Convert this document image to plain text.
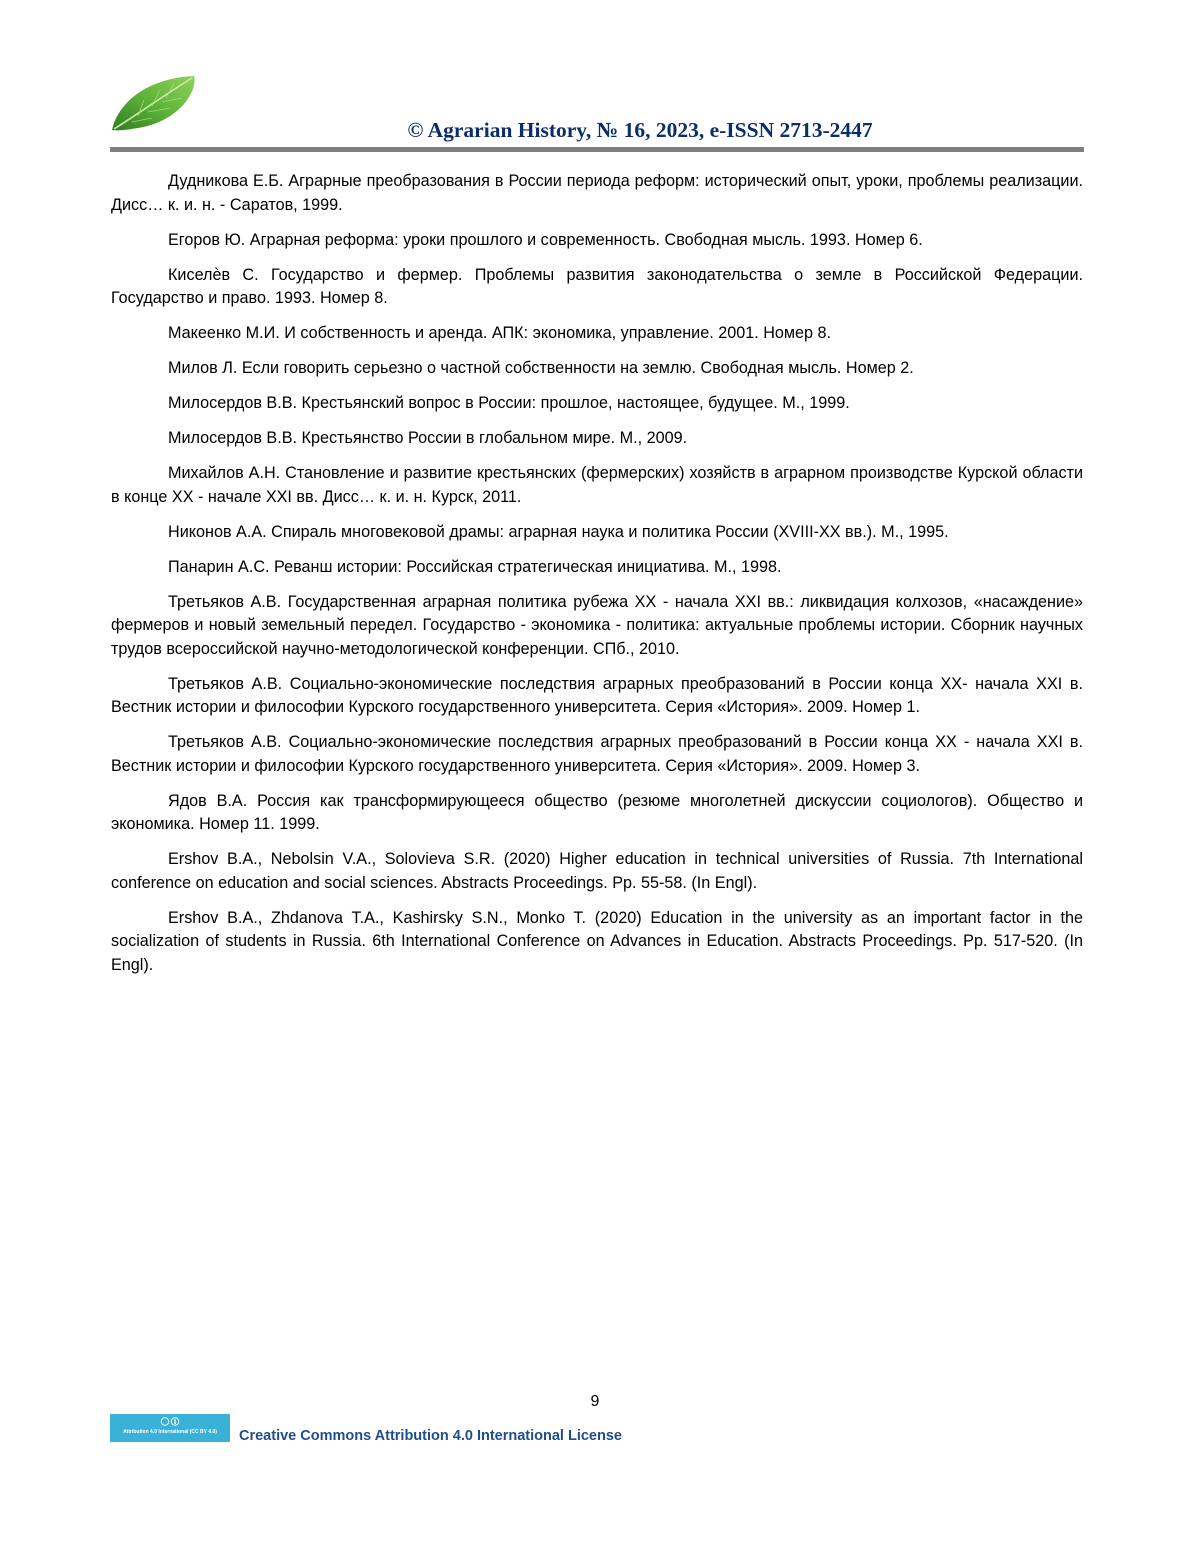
© Agrarian History, № 16, 2023, e-ISSN 2713-2447

Дудникова Е.Б. Аграрные преобразования в России периода реформ: исторический опыт, уроки, проблемы реализации. Дисс… к. и. н. - Саратов, 1999.

Егоров Ю. Аграрная реформа: уроки прошлого и современность. Свободная мысль. 1993. Номер 6.

Киселѐв С. Государство и фермер. Проблемы развития законодательства о земле в Российской Федерации. Государство и право. 1993. Номер 8.

Макеенко М.И. И собственность и аренда. АПК: экономика, управление. 2001. Номер 8.

Милов Л. Если говорить серьезно о частной собственности на землю. Свободная мысль. Номер 2.

Милосердов В.В. Крестьянский вопрос в России: прошлое, настоящее, будущее. М., 1999.

Милосердов В.В. Крестьянство России в глобальном мире. М., 2009.

Михайлов А.Н. Становление и развитие крестьянских (фермерских) хозяйств в аграрном производстве Курской области в конце XX - начале XXI вв. Дисс… к. и. н. Курск, 2011.

Никонов А.А. Спираль многовековой драмы: аграрная наука и политика России (XVIII-XX вв.). М., 1995.

Панарин А.С. Реванш истории: Российская стратегическая инициатива. М., 1998.

Третьяков А.В. Государственная аграрная политика рубежа XX - начала XXI вв.: ликвидация колхозов, «насаждение» фермеров и новый земельный передел. Государство - экономика - политика: актуальные проблемы истории. Сборник научных трудов всероссийской научно-методологической конференции. СПб., 2010.

Третьяков А.В. Социально-экономические последствия аграрных преобразований в России конца XX- начала XXI в. Вестник истории и философии Курского государственного университета. Серия «История». 2009. Номер 1.

Третьяков А.В. Социально-экономические последствия аграрных преобразований в России конца XX - начала XXI в. Вестник истории и философии Курского государственного университета. Серия «История». 2009. Номер 3.

Ядов В.А. Россия как трансформирующееся общество (резюме многолетней дискуссии социологов). Общество и экономика. Номер 11. 1999.

Ershov B.A., Nebolsin V.A., Solovieva S.R. (2020) Higher education in technical universities of Russia. 7th International conference on education and social sciences. Abstracts Proceedings. Pp. 55-58. (In Engl).

Ershov B.A., Zhdanova T.A., Kashirsky S.N., Monko T. (2020) Education in the university as an important factor in the socialization of students in Russia. 6th International Conference on Advances in Education. Abstracts Proceedings. Pp. 517-520. (In Engl).

9
Attribution 4.0 International (CC BY 4.0)	Creative Commons Attribution 4.0 International License
